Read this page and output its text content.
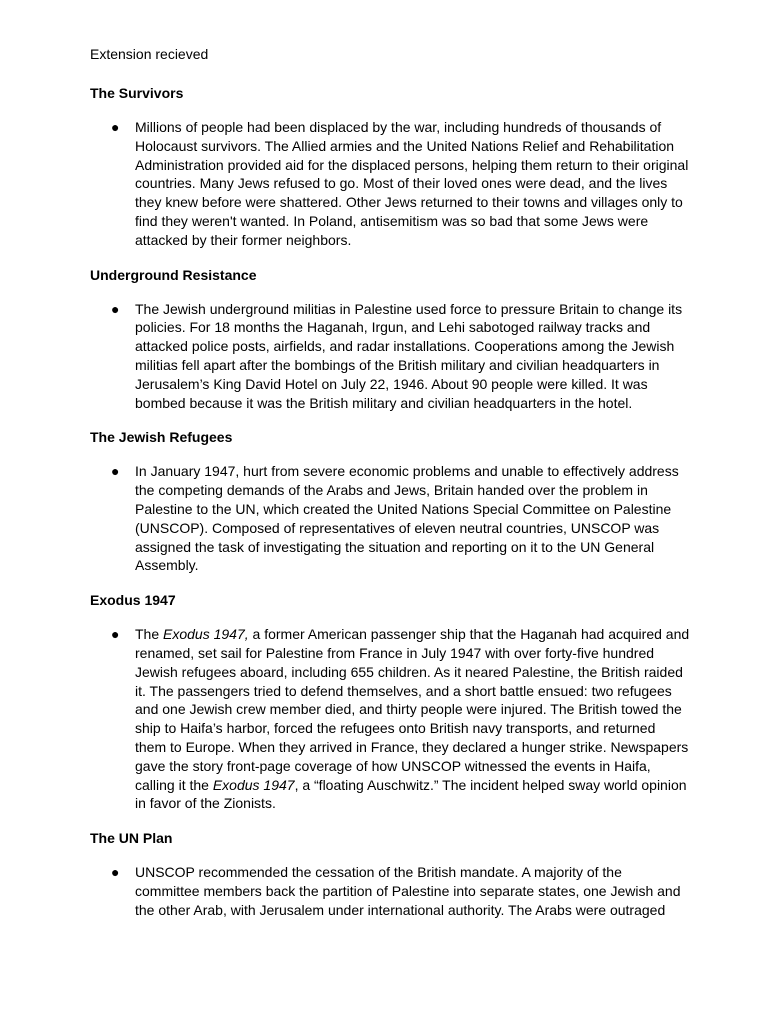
Extension recieved

The Survivors
● Millions of people had been displaced by the war, including hundreds of thousands of Holocaust survivors. The Allied armies and the United Nations Relief and Rehabilitation Administration provided aid for the displaced persons, helping them return to their original countries. Many Jews refused to go. Most of their loved ones were dead, and the lives they knew before were shattered. Other Jews returned to their towns and villages only to find they weren't wanted. In Poland, antisemitism was so bad that some Jews were attacked by their former neighbors.
Underground Resistance
● The Jewish underground militias in Palestine used force to pressure Britain to change its policies. For 18 months the Haganah, Irgun, and Lehi sabotoged railway tracks and attacked police posts, airfields, and radar installations. Cooperations among the Jewish militias fell apart after the bombings of the British military and civilian headquarters in Jerusalem’s King David Hotel on July 22, 1946. About 90 people were killed. It was bombed because it was the British military and civilian headquarters in the hotel.
The Jewish Refugees
● In January 1947, hurt from severe economic problems and unable to effectively address the competing demands of the Arabs and Jews, Britain handed over the problem in Palestine to the UN, which created the United Nations Special Committee on Palestine (UNSCOP). Composed of representatives of eleven neutral countries, UNSCOP was assigned the task of investigating the situation and reporting on it to the UN General Assembly.
Exodus 1947
● The Exodus 1947, a former American passenger ship that the Haganah had acquired and renamed, set sail for Palestine from France in July 1947 with over forty-five hundred Jewish refugees aboard, including 655 children. As it neared Palestine, the British raided it. The passengers tried to defend themselves, and a short battle ensued: two refugees and one Jewish crew member died, and thirty people were injured. The British towed the ship to Haifa’s harbor, forced the refugees onto British navy transports, and returned them to Europe. When they arrived in France, they declared a hunger strike. Newspapers gave the story front-page coverage of how UNSCOP witnessed the events in Haifa, calling it the Exodus 1947, a “floating Auschwitz.” The incident helped sway world opinion in favor of the Zionists.
The UN Plan
● UNSCOP recommended the cessation of the British mandate. A majority of the committee members back the partition of Palestine into separate states, one Jewish and the other Arab, with Jerusalem under international authority. The Arabs were outraged
